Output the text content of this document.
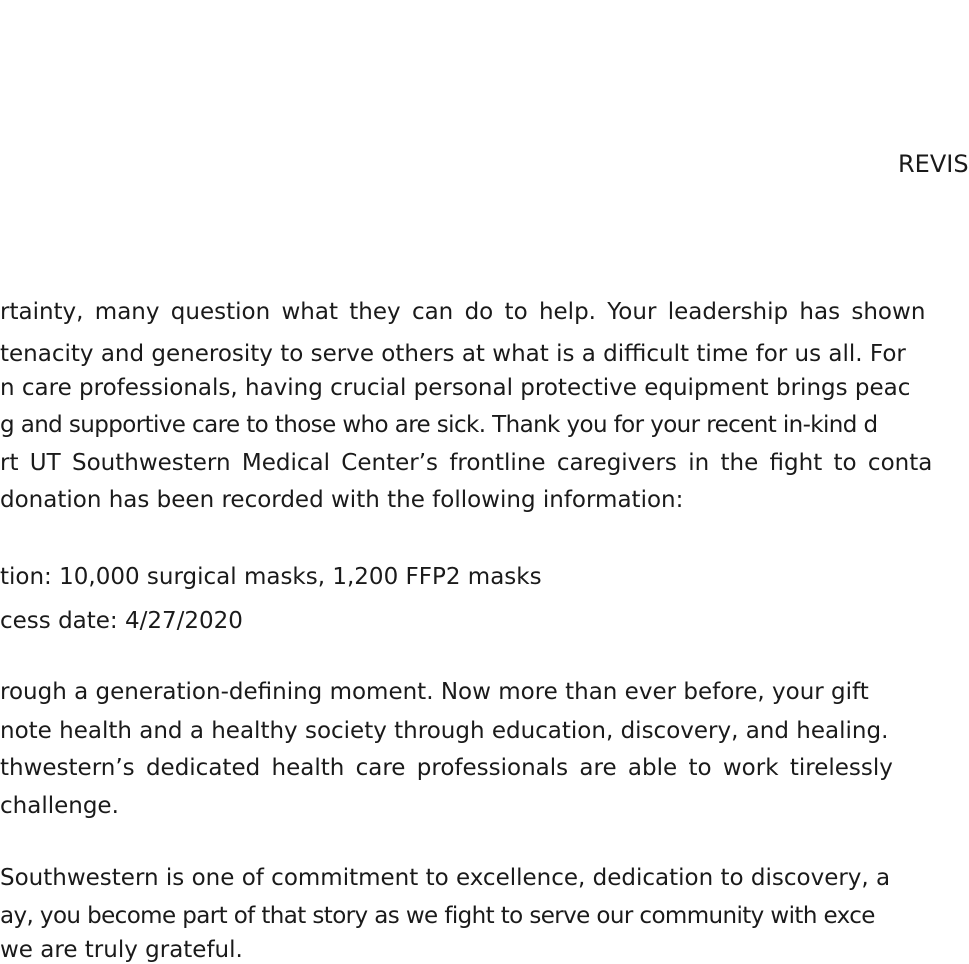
REVIS
rtainty, many question what they can do to help. Your leadership has shown
tenacity and generosity to serve others at what is a difficult time for us all. For
n care professionals, having crucial personal protective equipment brings peac
g and supportive care to those who are sick. Thank you for your recent in-kind d
rt UT Southwestern Medical Center’s frontline caregivers in the fight to conta
donation has been recorded with the following information:
tion: 10,000 surgical masks, 1,200 FFP2 masks
cess date: 4/27/2020
rough a generation-defining moment. Now more than ever before, your gift
note health and a healthy society through education, discovery, and healing.
thwestern’s dedicated health care professionals are able to work tirelessly
challenge.
Southwestern is one of commitment to excellence, dedication to discovery, a
ay, you become part of that story as we fight to serve our community with exce
we are truly grateful.
